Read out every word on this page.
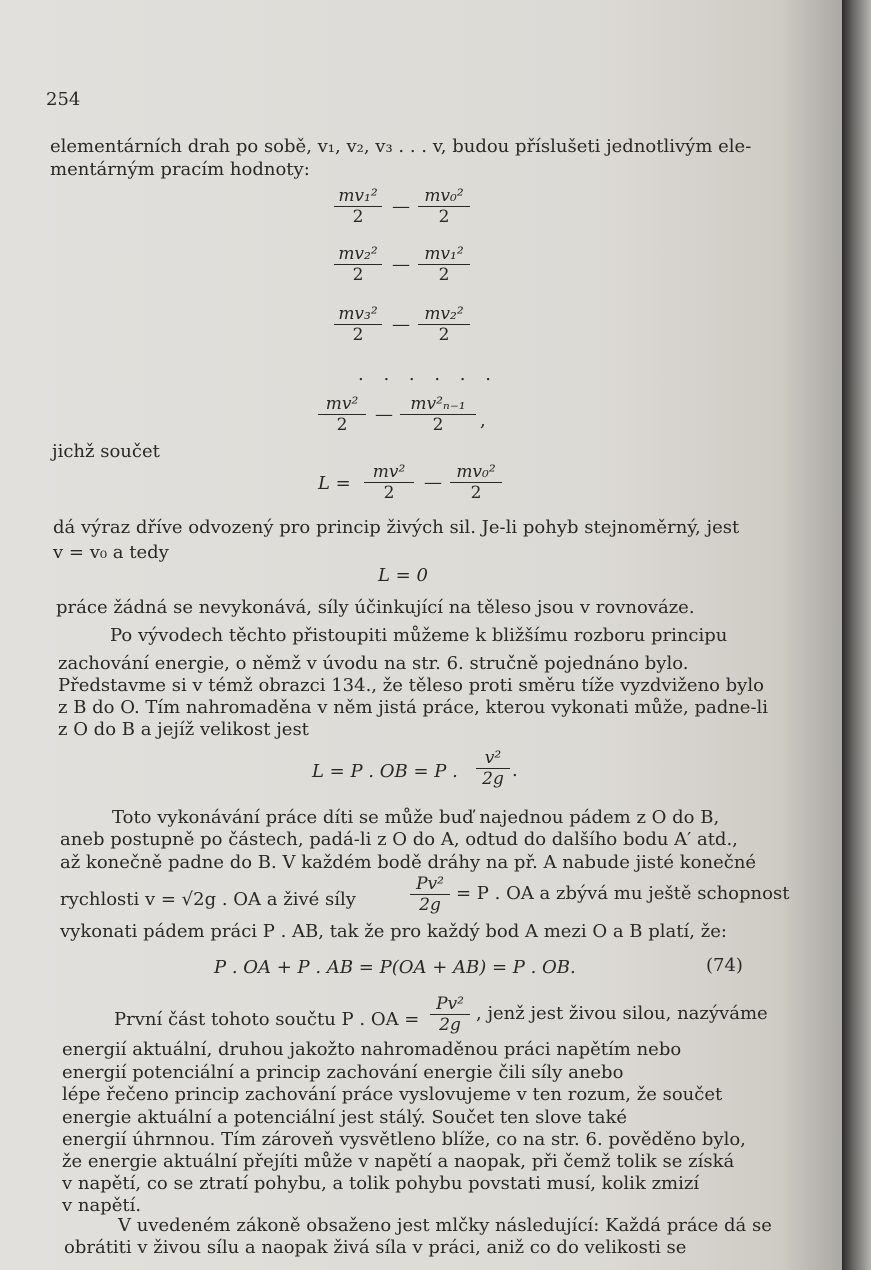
254
elementárních drah po sobě, v₁, v₂, v₃ . . . v, budou příslušeti jednotlivým ele-
mentárným pracím hodnoty:
$\frac{\text{mv₁²}}{2}$ — $\frac{\text{mv₀²}}{2}$
$\frac{\text{mv₂²}}{2}$ — $\frac{\text{mv₁²}}{2}$
$\frac{\text{mv₃²}}{2}$ — $\frac{\text{mv₂²}}{2}$
. . . . . .
$\frac{\text{mv²}}{2}$ — $\frac{\text{mv²ₙ₋₁}}{2}$ ,
jichž součet
$L = \frac{\text{mv²}}{2}$ — $\frac{\text{mv₀²}}{2}$
dá výraz dříve odvozený pro princip živých sil. Je-li pohyb stejnoměrný, jest
v = v₀ a tedy
L = 0
práce žádná se nevykonává, síly účinkující na těleso jsou v rovnováze.
Po vývodech těchto přistoupiti můžeme k bližšímu rozboru principu
zachování energie, o němž v úvodu na str. 6. stručně pojednáno bylo.
Představme si v témž obrazci 134., že těleso proti směru tíže vyzdviženo bylo
z B do O. Tím nahromaděna v něm jistá práce, kterou vykonati může, padne-li
z O do B a jejíž velikost jest
L = P . OB = P . $\frac{\text{v²}}{2g}$ .
Toto vykonávání práce díti se může buď najednou pádem z O do B,
aneb postupně po částech, padá-li z O do A, odtud do dalšího bodu A′ atd.,
až konečně padne do B. V každém bodě dráhy na př. A nabude jisté konečné
rychlosti v = √2g . OA a živé síly	$\frac{\text{Pv²}}{2g} = P$ . OA a zbývá mu ještě schopnost
vykonati pádem práci P . AB, tak že pro každý bod A mezi O a B platí, že:
P . OA + P . AB = P(OA + AB) = P . OB.	(74)
První část tohoto součtu P . OA = $\frac{\text{Pv²}}{2g}$ , jenž jest živou silou, nazýváme
energií aktuální, druhou jakožto nahromaděnou práci napětím nebo
energií potenciální a princip zachování energie čili síly anebo
lépe řečeno princip zachování práce vyslovujeme v ten rozum, že součet
energie aktuální a potenciální jest stálý. Součet ten slove také
energií úhrnnou. Tím zároveň vysvětleno blíže, co na str. 6. pověděno bylo,
že energie aktuální přejíti může v napětí a naopak, při čemž tolik se získá
v napětí, co se ztratí pohybu, a tolik pohybu povstati musí, kolik zmizí
v napětí.
V uvedeném zákoně obsaženo jest mlčky následující: Každá práce dá se
obrátiti v živou sílu a naopak živá síla v práci, aniž co do velikosti se
